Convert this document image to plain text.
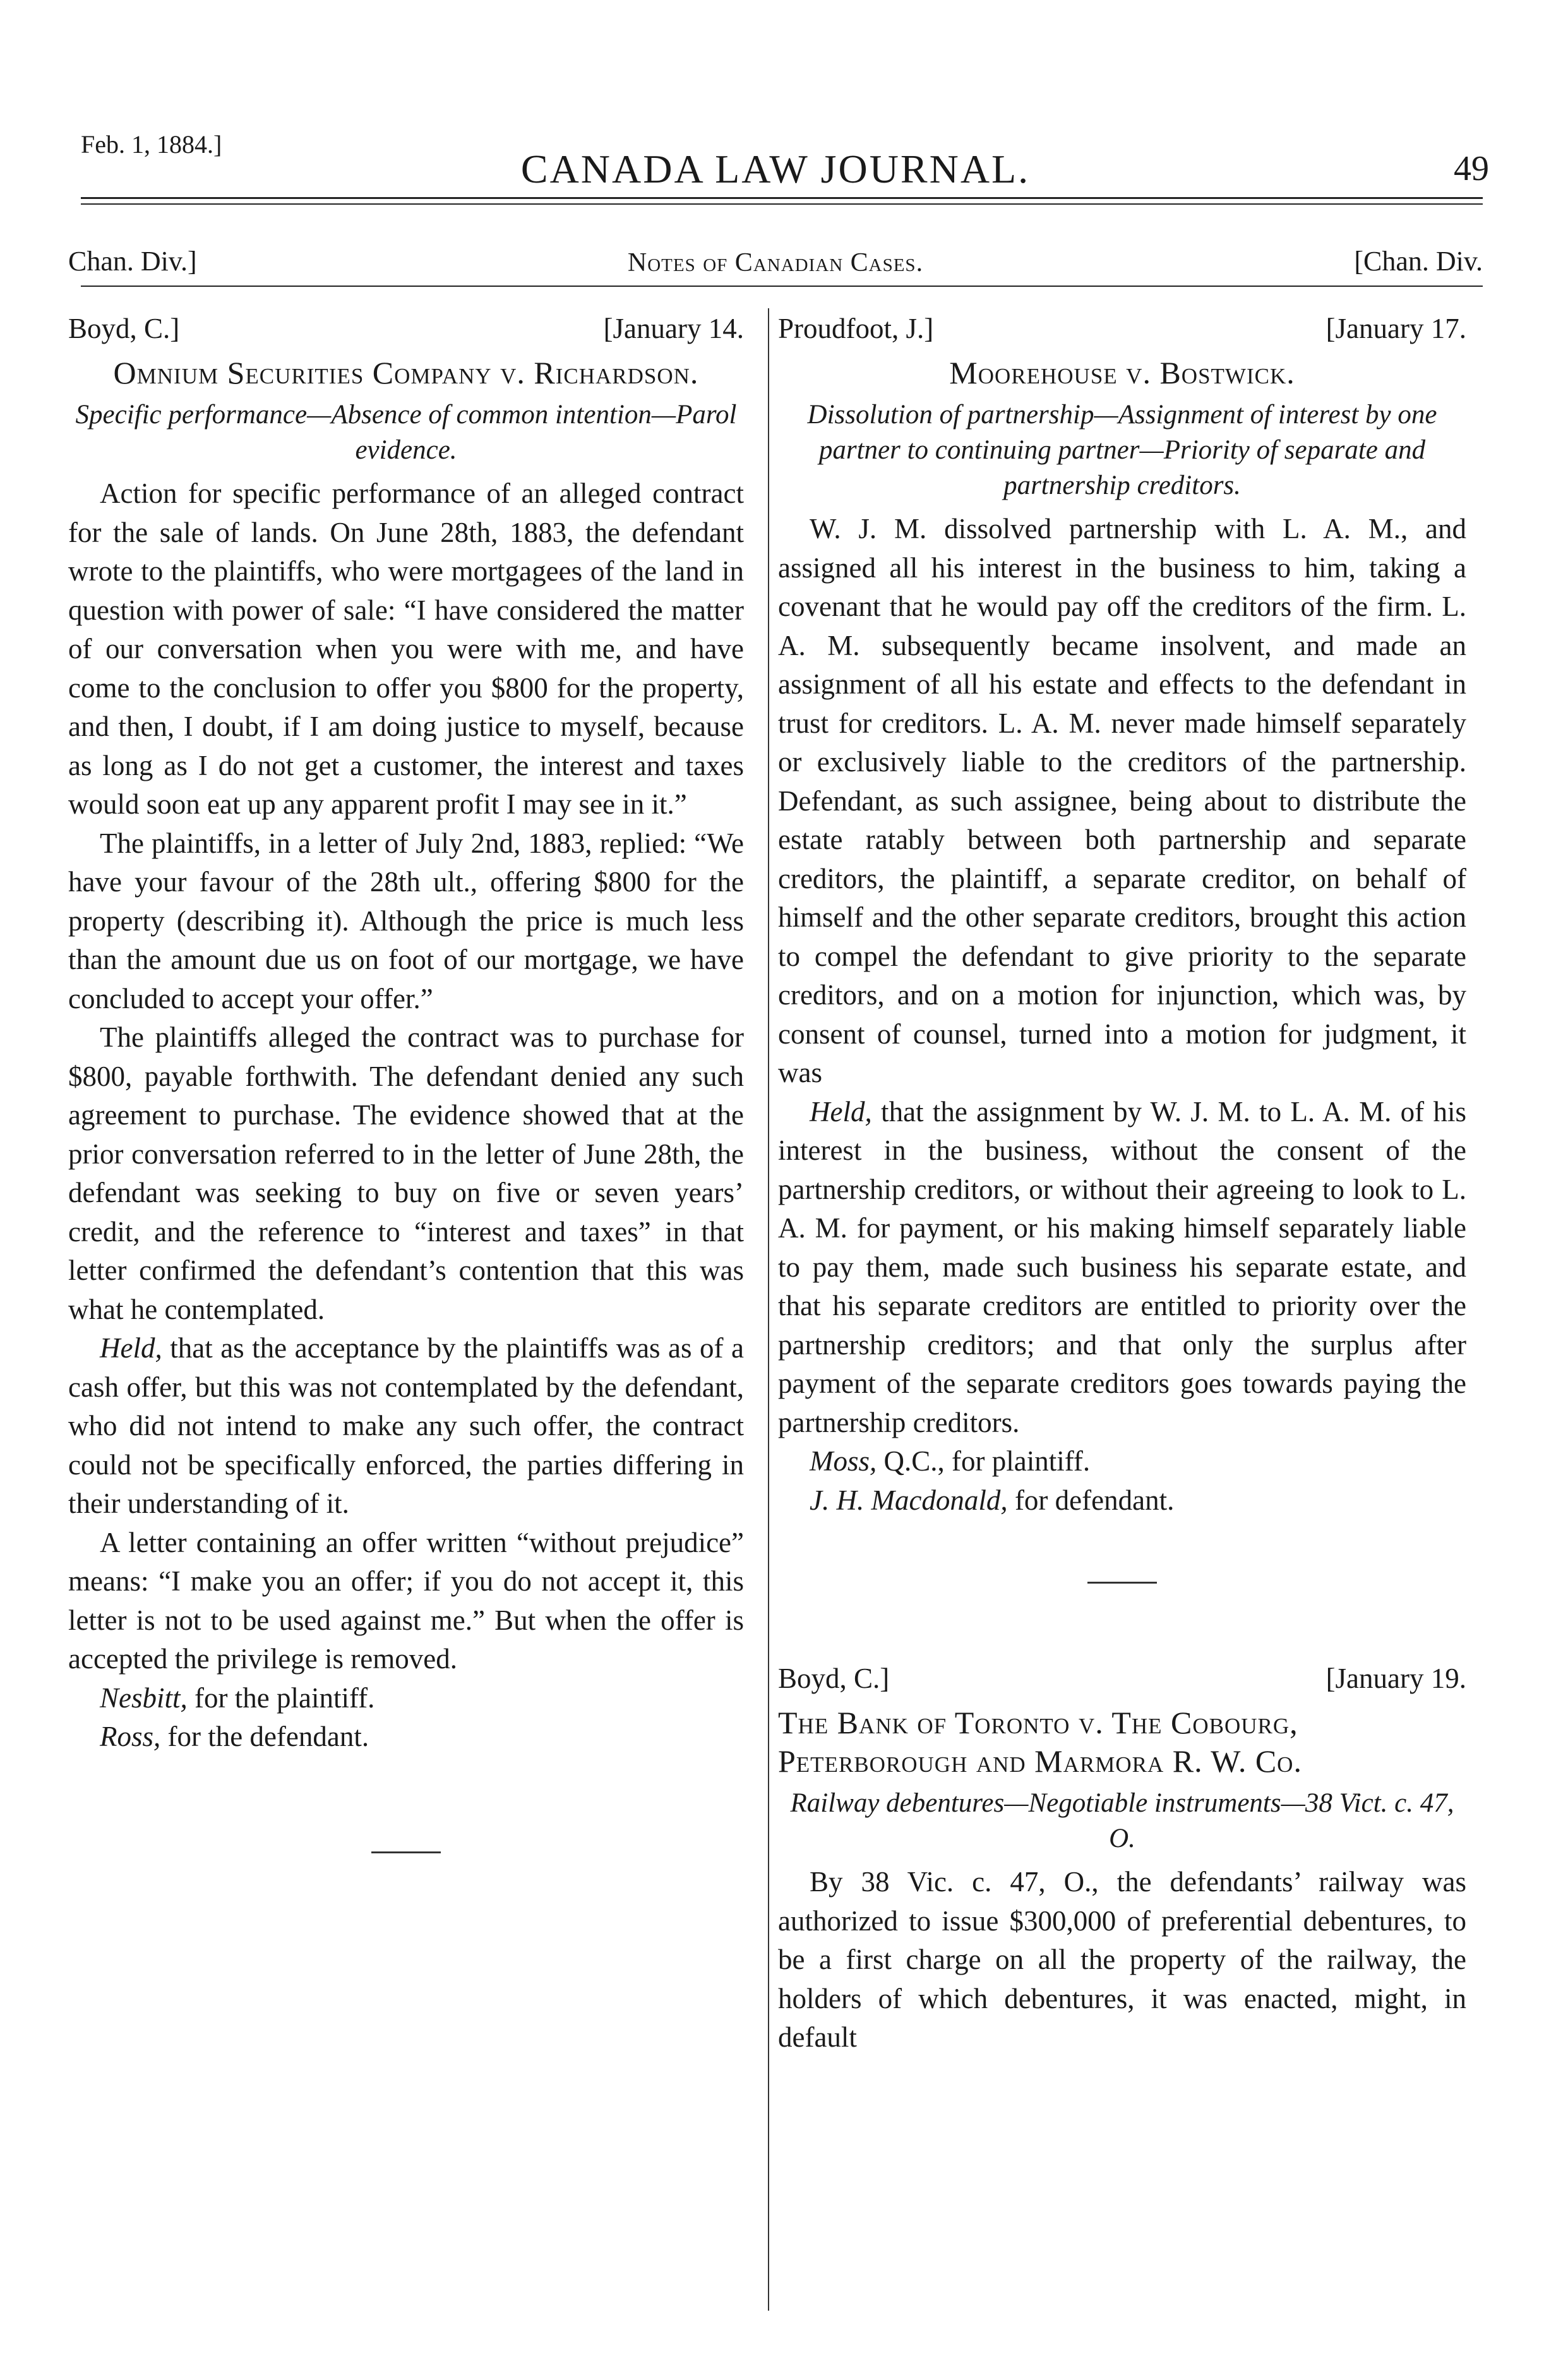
Feb. 1, 1884.]
CANADA LAW JOURNAL.	49
Chan. Div.]	Notes of Canadian Cases.	[Chan. Div.
Boyd, C.]	[January 14.
Omnium Securities Company v. Richardson.
Specific performance—Absence of common intention—Parol evidence.

Action for specific performance of an alleged contract for the sale of lands. On June 28th, 1883, the defendant wrote to the plaintiffs, who were mortgagees of the land in question with power of sale: “I have considered the matter of our conversation when you were with me, and have come to the conclusion to offer you $800 for the property, and then, I doubt, if I am doing justice to myself, because as long as I do not get a customer, the interest and taxes would soon eat up any apparent profit I may see in it.”

The plaintiffs, in a letter of July 2nd, 1883, replied: “We have your favour of the 28th ult., offering $800 for the property (describing it). Although the price is much less than the amount due us on foot of our mortgage, we have concluded to accept your offer.”

The plaintiffs alleged the contract was to purchase for $800, payable forthwith. The defendant denied any such agreement to purchase. The evidence showed that at the prior conversation referred to in the letter of June 28th, the defendant was seeking to buy on five or seven years’ credit, and the reference to “interest and taxes” in that letter confirmed the defendant’s contention that this was what he contemplated.

Held, that as the acceptance by the plaintiffs was as of a cash offer, but this was not contemplated by the defendant, who did not intend to make any such offer, the contract could not be specifically enforced, the parties differing in their understanding of it.

A letter containing an offer written “without prejudice” means: “I make you an offer; if you do not accept it, this letter is not to be used against me.” But when the offer is accepted the privilege is removed.

Nesbitt, for the plaintiff.

Ross, for the defendant.

Proudfoot, J.]	[January 17.
Moorehouse v. Bostwick.
Dissolution of partnership—Assignment of interest by one partner to continuing partner—Priority of separate and partnership creditors.

W. J. M. dissolved partnership with L. A. M., and assigned all his interest in the business to him, taking a covenant that he would pay off the creditors of the firm. L. A. M. subsequently became insolvent, and made an assignment of all his estate and effects to the defendant in trust for creditors. L. A. M. never made himself separately or exclusively liable to the creditors of the partnership. Defendant, as such assignee, being about to distribute the estate ratably between both partnership and separate creditors, the plaintiff, a separate creditor, on behalf of himself and the other separate creditors, brought this action to compel the defendant to give priority to the separate creditors, and on a motion for injunction, which was, by consent of counsel, turned into a motion for judgment, it was

Held, that the assignment by W. J. M. to L. A. M. of his interest in the business, without the consent of the partnership creditors, or without their agreeing to look to L. A. M. for payment, or his making himself separately liable to pay them, made such business his separate estate, and that his separate creditors are entitled to priority over the partnership creditors; and that only the surplus after payment of the separate creditors goes towards paying the partnership creditors.

Moss, Q.C., for plaintiff.

J. H. Macdonald, for defendant.

Boyd, C.]	[January 19.
The Bank of Toronto v. The Cobourg, Peterborough and Marmora R. W. Co.
Railway debentures—Negotiable instruments—38 Vict. c. 47, O.

By 38 Vic. c. 47, O., the defendants’ railway was authorized to issue $300,000 of preferential debentures, to be a first charge on all the property of the railway, the holders of which debentures, it was enacted, might, in default
